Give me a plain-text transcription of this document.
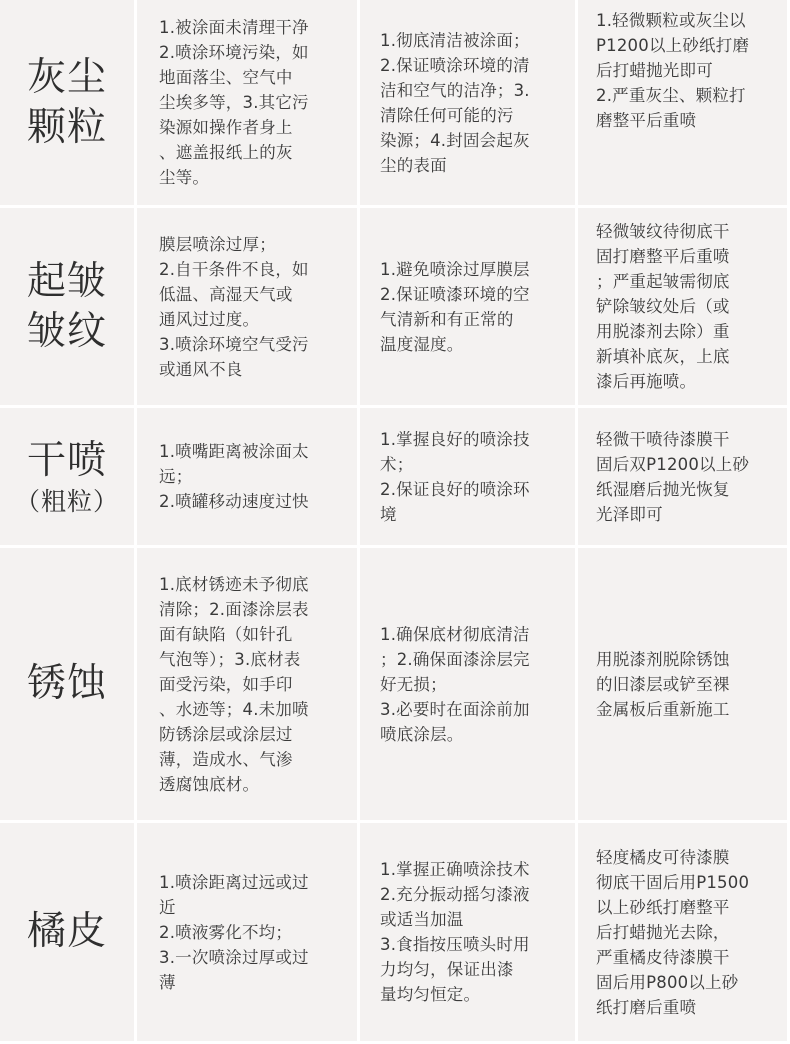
灰尘
颗粒
1.被涂面未清理干净
2.喷涂环境污染，如
地面落尘、空气中
尘埃多等，3.其它污
染源如操作者身上
、遮盖报纸上的灰
尘等。
1.彻底清洁被涂面；
2.保证喷涂环境的清
洁和空气的洁净；3.
清除任何可能的污
染源；4.封固会起灰
尘的表面
1.轻微颗粒或灰尘以
P1200以上砂纸打磨
后打蜡抛光即可
2.严重灰尘、颗粒打
磨整平后重喷
起皱
皱纹
膜层喷涂过厚；
2.自干条件不良，如
低温、高湿天气或
通风过过度。
3.喷涂环境空气受污
或通风不良
1.避免喷涂过厚膜层
2.保证喷漆环境的空
气清新和有正常的
温度湿度。
轻微皱纹待彻底干
固打磨整平后重喷
；严重起皱需彻底
铲除皱纹处后（或
用脱漆剂去除）重
新填补底灰，上底
漆后再施喷。
干喷
（粗粒）
1.喷嘴距离被涂面太
远；
2.喷罐移动速度过快
1.掌握良好的喷涂技
术；
2.保证良好的喷涂环
境
轻微干喷待漆膜干
固后双P1200以上砂
纸湿磨后抛光恢复
光泽即可
锈蚀
1.底材锈迹未予彻底
清除；2.面漆涂层表
面有缺陷（如针孔
气泡等）；3.底材表
面受污染，如手印
、水迹等；4.未加喷
防锈涂层或涂层过
薄，造成水、气渗
透腐蚀底材。
1.确保底材彻底清洁
；2.确保面漆涂层完
好无损；
3.必要时在面涂前加
喷底涂层。
用脱漆剂脱除锈蚀
的旧漆层或铲至裸
金属板后重新施工
橘皮
1.喷涂距离过远或过
近
2.喷液雾化不均；
3.一次喷涂过厚或过
薄
1.掌握正确喷涂技术
2.充分振动摇匀漆液
或适当加温
3.食指按压喷头时用
力均匀，保证出漆
量均匀恒定。
轻度橘皮可待漆膜
彻底干固后用P1500
以上砂纸打磨整平
后打蜡抛光去除，
严重橘皮待漆膜干
固后用P800以上砂
纸打磨后重喷
